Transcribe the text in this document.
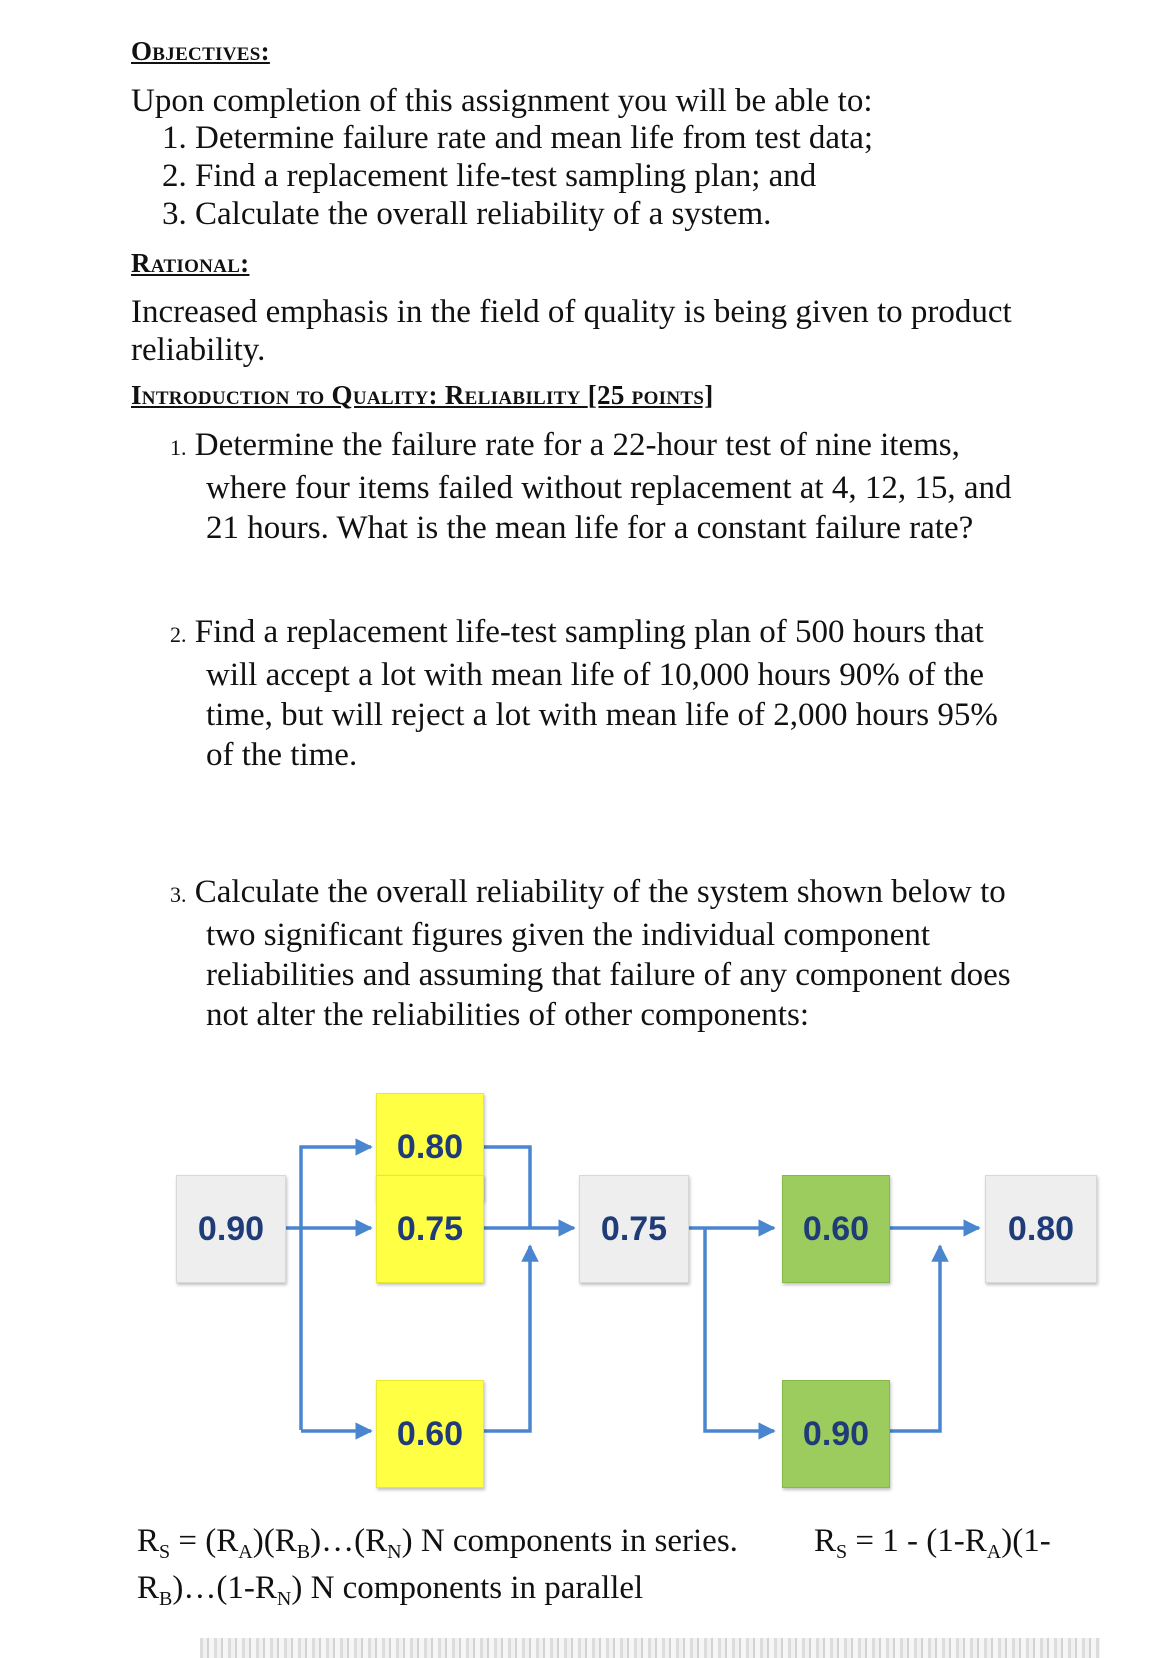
Objectives:
Upon completion of this assignment you will be able to:
1. Determine failure rate and mean life from test data;
2. Find a replacement life-test sampling plan; and
3. Calculate the overall reliability of a system.
Rational:
Increased emphasis in the field of quality is being given to product
reliability.
Introduction to Quality: Reliability [25 points]
1. Determine the failure rate for a 22-hour test of nine items,
where four items failed without replacement at 4, 12, 15, and
21 hours. What is the mean life for a constant failure rate?
2. Find a replacement life-test sampling plan of 500 hours that
will accept a lot with mean life of 10,000 hours 90% of the
time, but will reject a lot with mean life of 2,000 hours 95%
of the time.
3. Calculate the overall reliability of the system shown below to
two significant figures given the individual component
reliabilities and assuming that failure of any component does
not alter the reliabilities of other components:
0.90
0.80
0.75
0.60
0.75	0.60
0.90
0.80
$R_S$ = $(R_A)(R_B)\dots(R_N)$ N components in series. $R_S = 1 - (1-R_A)(1-$
$R_B)\dots(1-R_N)$ N components in parallel
